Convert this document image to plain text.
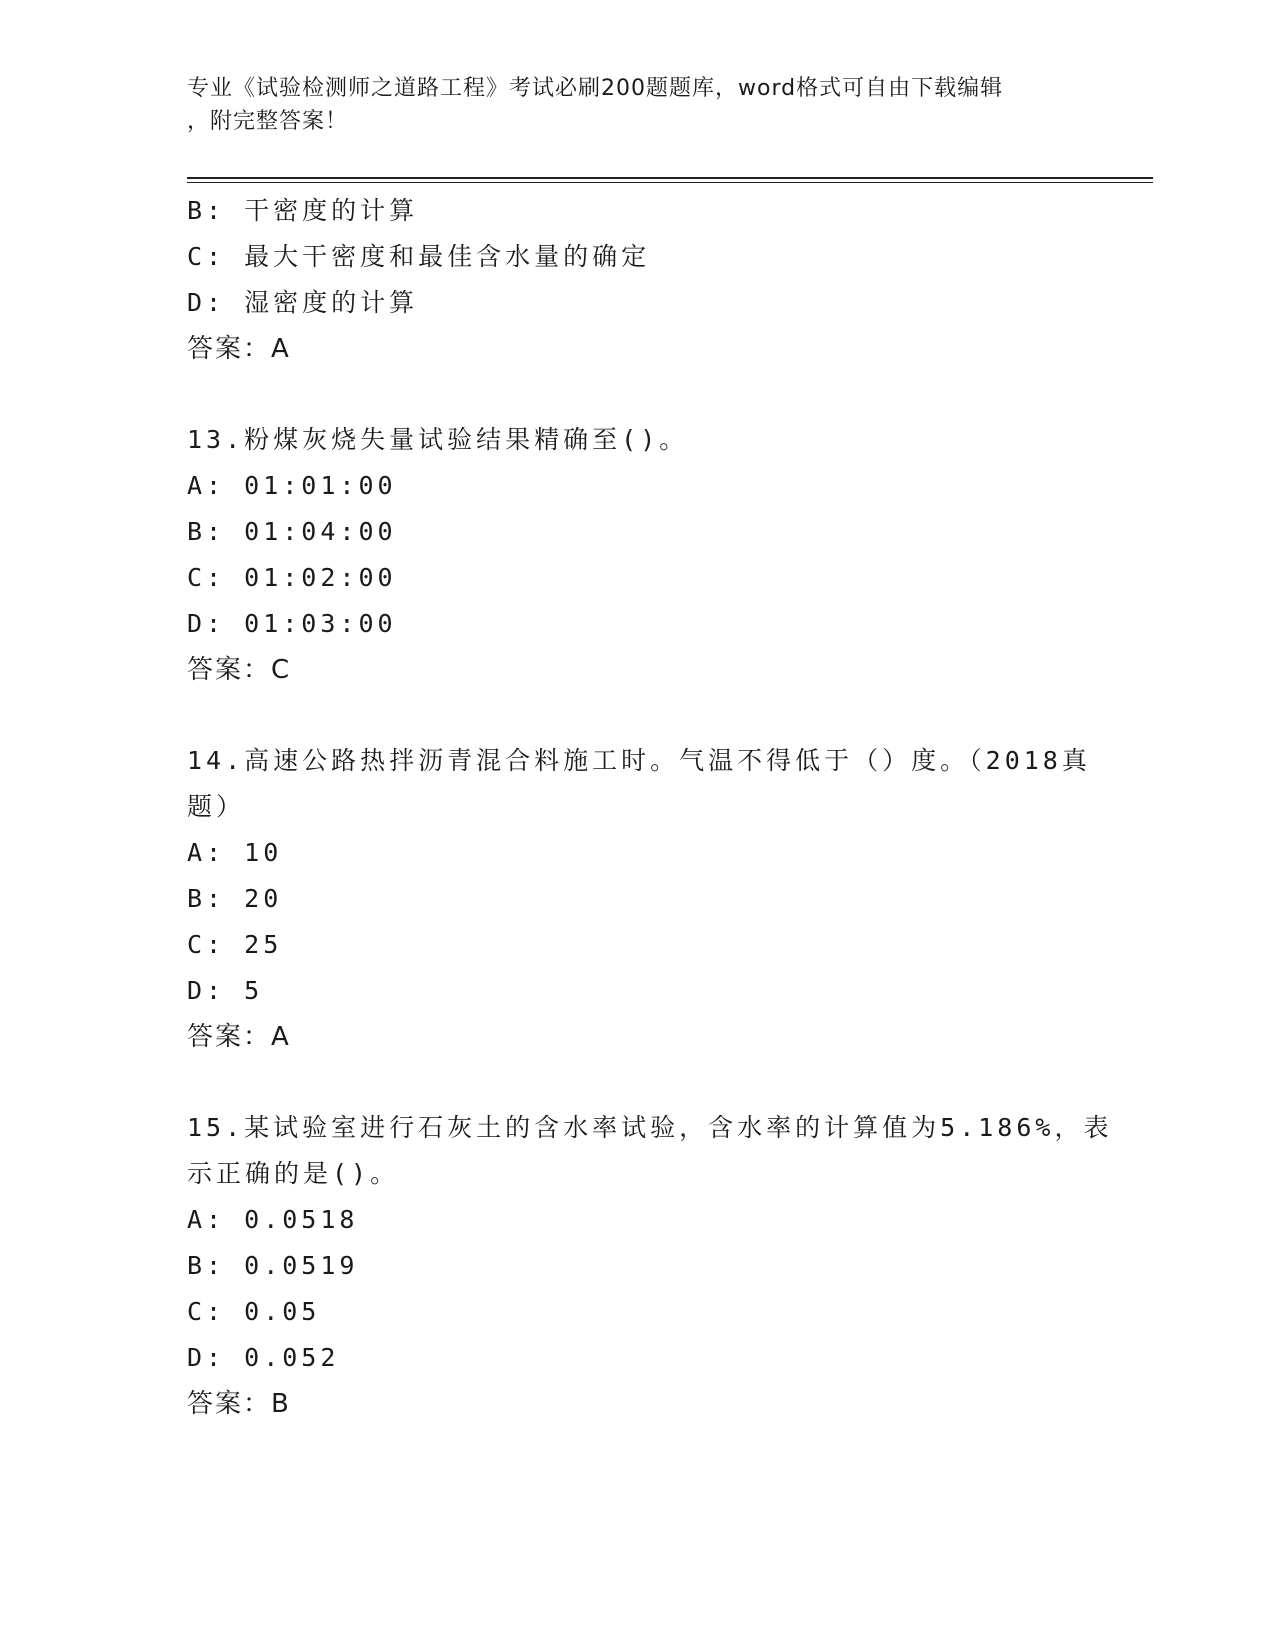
专业《试验检测师之道路工程》考试必刷200题题库，word格式可自由下载编辑
，附完整答案！
B: 干密度的计算
C: 最大干密度和最佳含水量的确定
D: 湿密度的计算
答案：A
13.粉煤灰烧失量试验结果精确至()。
A: 01:01:00
B: 01:04:00
C: 01:02:00
D: 01:03:00
答案：C
14.高速公路热拌沥青混合料施工时。气温不得低于（）度。（2018真
题）
A: 10
B: 20
C: 25
D: 5
答案：A
15.某试验室进行石灰土的含水率试验，含水率的计算值为5.186%，表
示正确的是()。
A: 0.0518
B: 0.0519
C: 0.05
D: 0.052
答案：B
